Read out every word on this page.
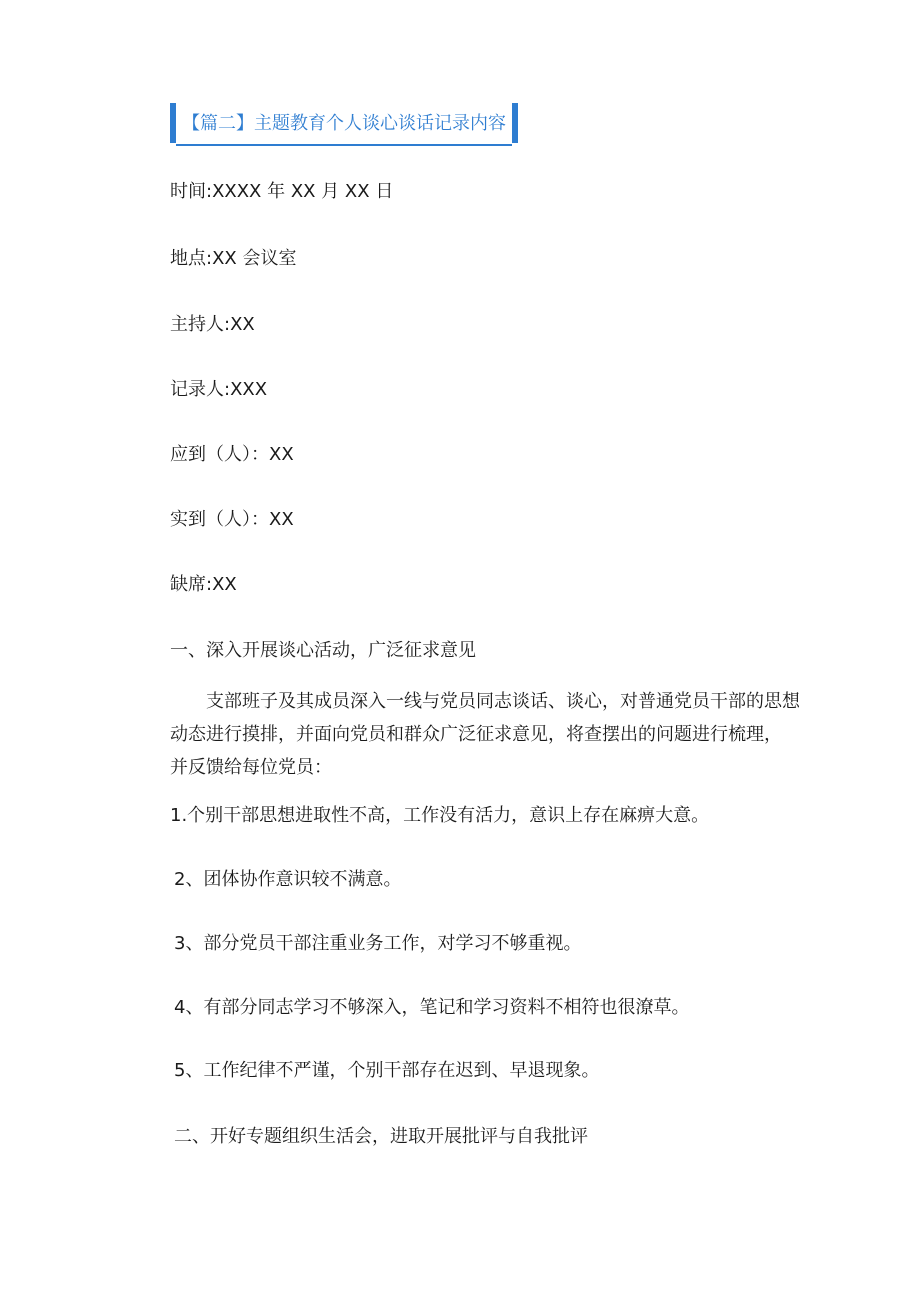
【篇二】主题教育个人谈心谈话记录内容
时间:XXXX 年 XX 月 XX 日
地点:XX 会议室
主持人:XX
记录人:XXX
应到（人）：XX
实到（人）：XX
缺席:XX
一、深入开展谈心活动，广泛征求意见
支部班子及其成员深入一线与党员同志谈话、谈心，对普通党员干部的思想
动态进行摸排，并面向党员和群众广泛征求意见，将查摆出的问题进行梳理，
并反馈给每位党员：
1.个别干部思想进取性不高，工作没有活力，意识上存在麻痹大意。
2、团体协作意识较不满意。
3、部分党员干部注重业务工作，对学习不够重视。
4、有部分同志学习不够深入，笔记和学习资料不相符也很潦草。
5、工作纪律不严谨，个别干部存在迟到、早退现象。
二、开好专题组织生活会，进取开展批评与自我批评
